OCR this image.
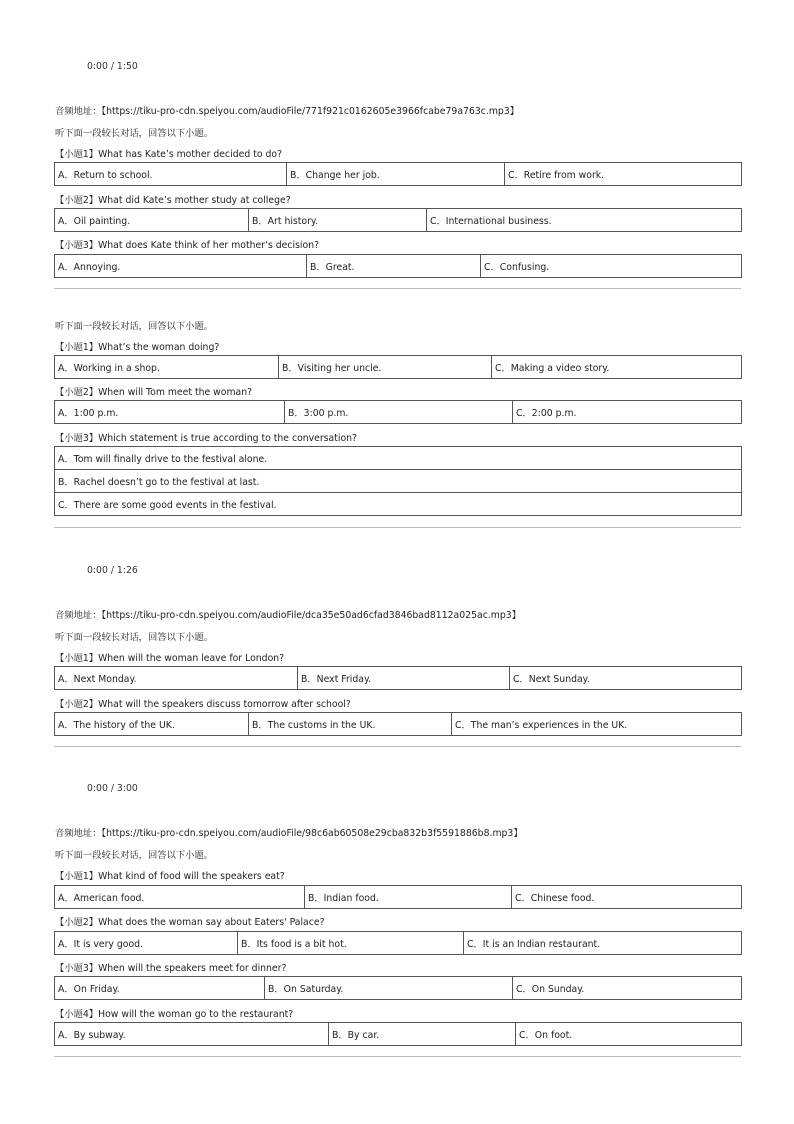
0:00 / 1:50
音频地址：【https://tiku-pro-cdn.speiyou.com/audioFile/771f921c0162605e3966fcabe79a763c.mp3】
听下面一段较长对话，回答以下小题。
【小题1】What has Kate’s mother decided to do?
A．Return to school.	B．Change her job.	C．Retire from work.
【小题2】What did Kate’s mother study at college?
A．Oil painting.	B．Art history.	C．International business.
【小题3】What does Kate think of her mother’s decision?
A．Annoying.	B．Great.	C．Confusing.
听下面一段较长对话，回答以下小题。
【小题1】What’s the woman doing?
A．Working in a shop.	B．Visiting her uncle.	C．Making a video story.
【小题2】When will Tom meet the woman?
A．1:00 p.m.	B．3:00 p.m.	C．2:00 p.m.
【小题3】Which statement is true according to the conversation?
A．Tom will finally drive to the festival alone.
B．Rachel doesn’t go to the festival at last.
C．There are some good events in the festival.
0:00 / 1:26
音频地址：【https://tiku-pro-cdn.speiyou.com/audioFile/dca35e50ad6cfad3846bad8112a025ac.mp3】
听下面一段较长对话，回答以下小题。
【小题1】When will the woman leave for London?
A．Next Monday.	B．Next Friday.	C．Next Sunday.
【小题2】What will the speakers discuss tomorrow after school?
A．The history of the UK.	B．The customs in the UK.	C．The man’s experiences in the UK.
0:00 / 3:00
音频地址：【https://tiku-pro-cdn.speiyou.com/audioFile/98c6ab60508e29cba832b3f5591886b8.mp3】
听下面一段较长对话，回答以下小题。
【小题1】What kind of food will the speakers eat?
A．American food.	B．Indian food.	C．Chinese food.
【小题2】What does the woman say about Eaters' Palace?
A．It is very good.	B．Its food is a bit hot.	C．It is an Indian restaurant.
【小题3】When will the speakers meet for dinner?
A．On Friday.	B．On Saturday.	C．On Sunday.
【小题4】How will the woman go to the restaurant?
A．By subway.	B．By car.	C．On foot.
